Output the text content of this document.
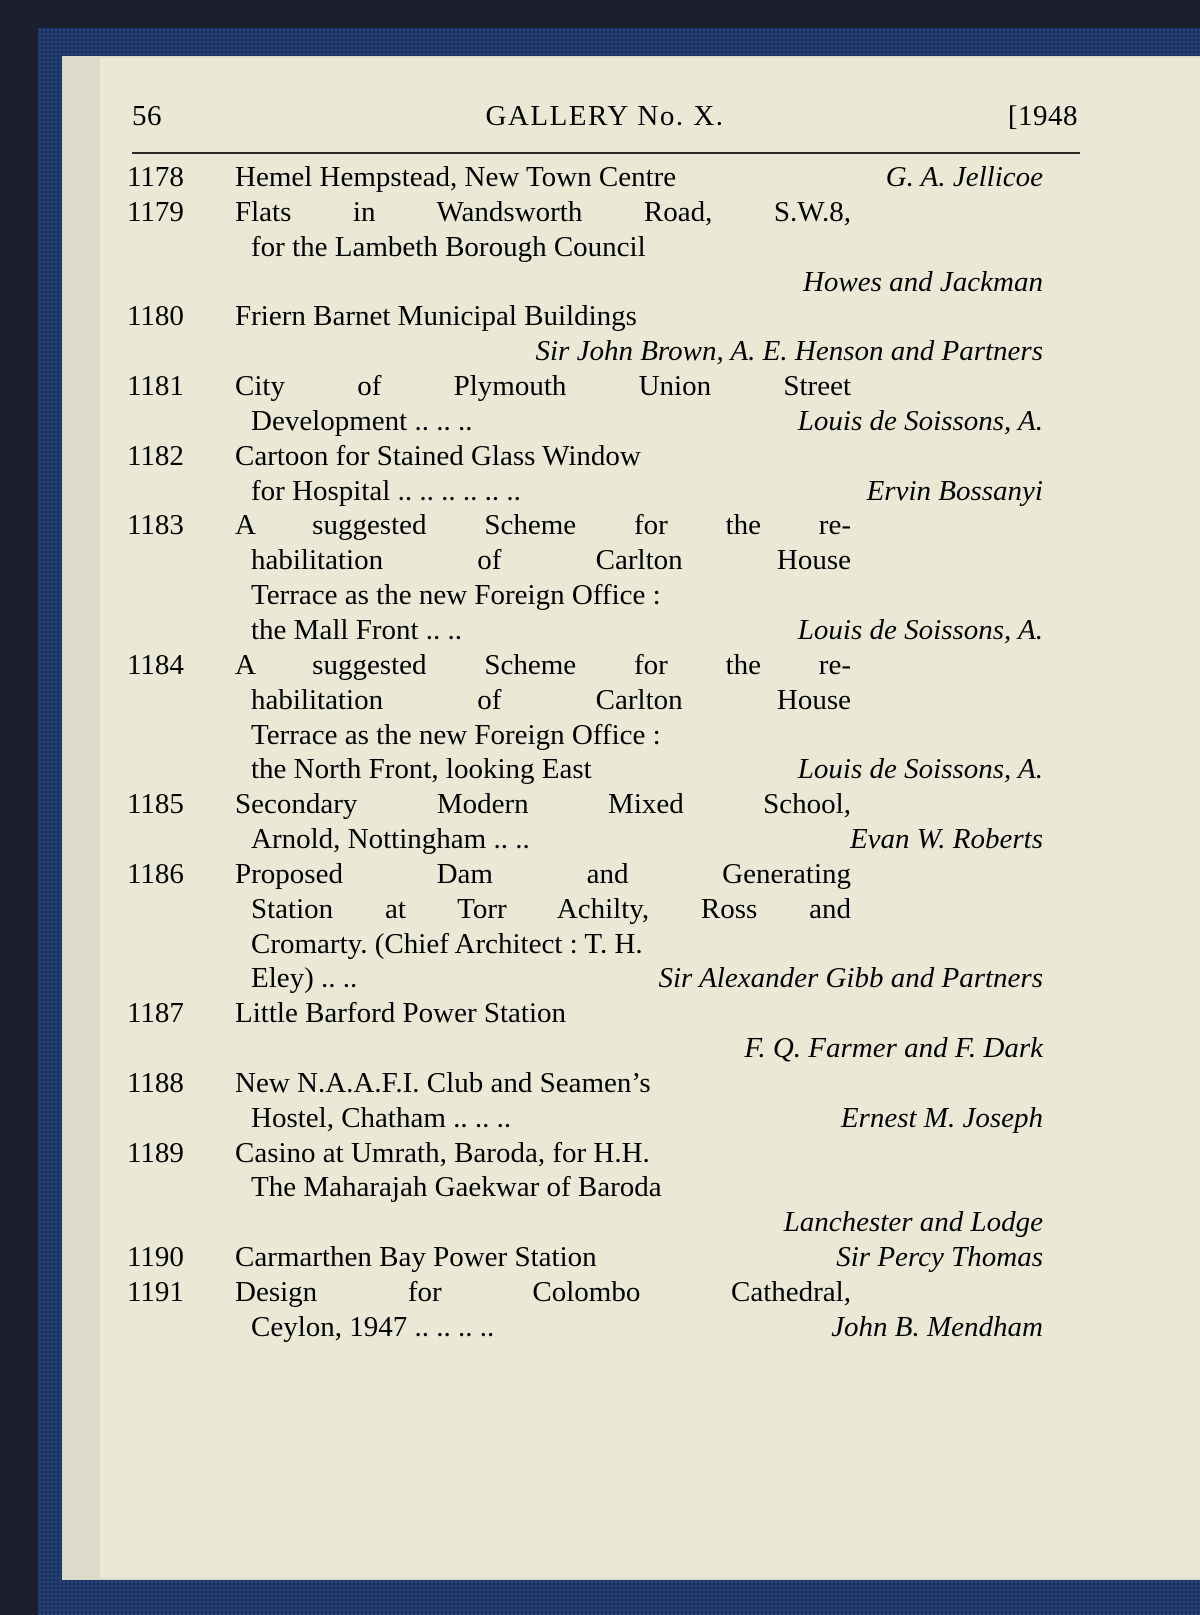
56	GALLERY No. X.	[1948
1178 Hemel Hempstead, New Town Centre	G. A. Jellicoe
1179 Flats in Wandsworth Road, S.W.8,
for the Lambeth Borough Council
Howes and Jackman
1180 Friern Barnet Municipal Buildings
Sir John Brown, A. E. Henson and Partners
1181 City of Plymouth Union Street
Development .. .. ..	Louis de Soissons, A.
1182 Cartoon for Stained Glass Window
for Hospital .. .. .. .. .. ..	Ervin Bossanyi
1183 A suggested Scheme for the re-
habilitation of Carlton House
Terrace as the new Foreign Office :
the Mall Front .. ..	Louis de Soissons, A.
1184 A suggested Scheme for the re-
habilitation of Carlton House
Terrace as the new Foreign Office :
the North Front, looking East	Louis de Soissons, A.
1185 Secondary Modern Mixed School,
Arnold, Nottingham .. ..	Evan W. Roberts
1186 Proposed Dam and Generating
Station at Torr Achilty, Ross and
Cromarty. (Chief Architect : T. H.
Eley) .. ..	Sir Alexander Gibb and Partners
1187 Little Barford Power Station
F. Q. Farmer and F. Dark
1188 New N.A.A.F.I. Club and Seamen’s
Hostel, Chatham .. .. ..	Ernest M. Joseph
1189 Casino at Umrath, Baroda, for H.H.
The Maharajah Gaekwar of Baroda
Lanchester and Lodge
1190 Carmarthen Bay Power Station	Sir Percy Thomas
1191 Design for Colombo Cathedral,
Ceylon, 1947 .. .. .. ..	John B. Mendham
